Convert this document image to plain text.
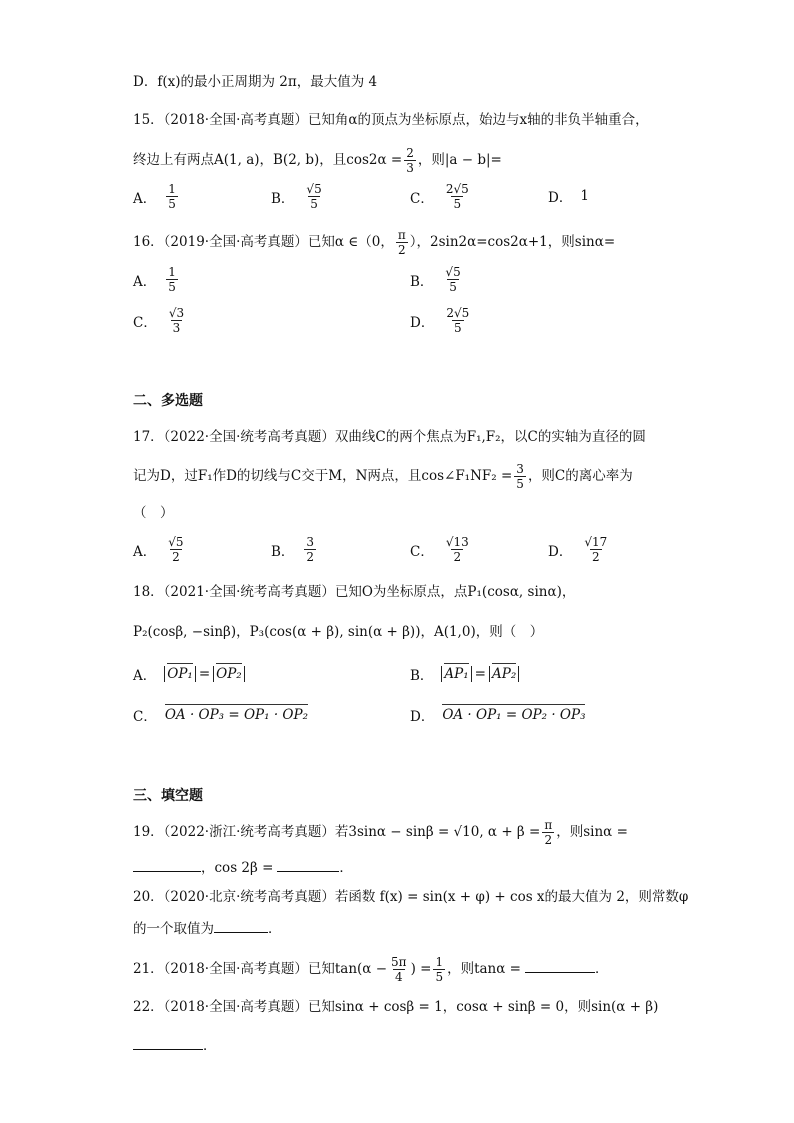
D．f(x)的最小正周期为 2π，最大值为 4
15．（2018·全国·高考真题）已知角α的顶点为坐标原点，始边与x轴的非负半轴重合，
终边上有两点A(1, a)，B(2, b)，且$\cos 2\alpha = \frac{2}{3}$ ，则|a − b|=
A． $\frac{1}{5}$	B． $\frac{√5}{5}$	C． $\frac{2√5}{5}$	D． 1
16．（2019·全国·高考真题）已知α ∈（0， $\frac{\pi}{2}$ ），2sin2α=cos2α+1，则sinα=
A． $\frac{1}{5}$	B． $\frac{√5}{5}$
C． $\frac{√3}{3}$	D． $\frac{2√5}{5}$
二、多选题
17．（2022·全国·统考高考真题）双曲线C的两个焦点为F₁,F₂，以C的实轴为直径的圆
记为D，过F₁作D的切线与C交于M，N两点，且cos∠F₁NF₂ = $\frac{3}{5}$ ，则C的离心率为
（　）
A． $\frac{√5}{2}$	B． $\frac{3}{2}$	C． $\frac{√13}{2}$	D． $\frac{√17}{2}$
18．（2021·全国·统考高考真题）已知O为坐标原点，点P₁(cosα, sinα)，
P₂(cosβ, −sinβ)，P₃(cos(α + β), sin(α + β))，A(1,0)，则（　）
A． OP₁ = OP₂	B． AP₁ = AP₂
C． OA · OP₃ = OP₁ · OP₂	D． OA · OP₁ = OP₂ · OP₃
三、填空题
19．（2022·浙江·统考高考真题）若3sinα − sinβ = √10, $\alpha + \beta = \frac{\pi}{2}$ ，则sinα =
，cos 2β =	．
20．（2020·北京·统考高考真题）若函数 f(x) = sin(x + φ) + cos x的最大值为 2，则常数φ
的一个取值为	．
21．（2018·全国·高考真题）已知$\tan(\alpha - \frac{5\pi}{4}$ ) = $\frac{1}{5}$ ，则tanα =	．
22．（2018·全国·高考真题）已知sinα + cosβ = 1，cosα + sinβ = 0，则sin(α + β)
．
